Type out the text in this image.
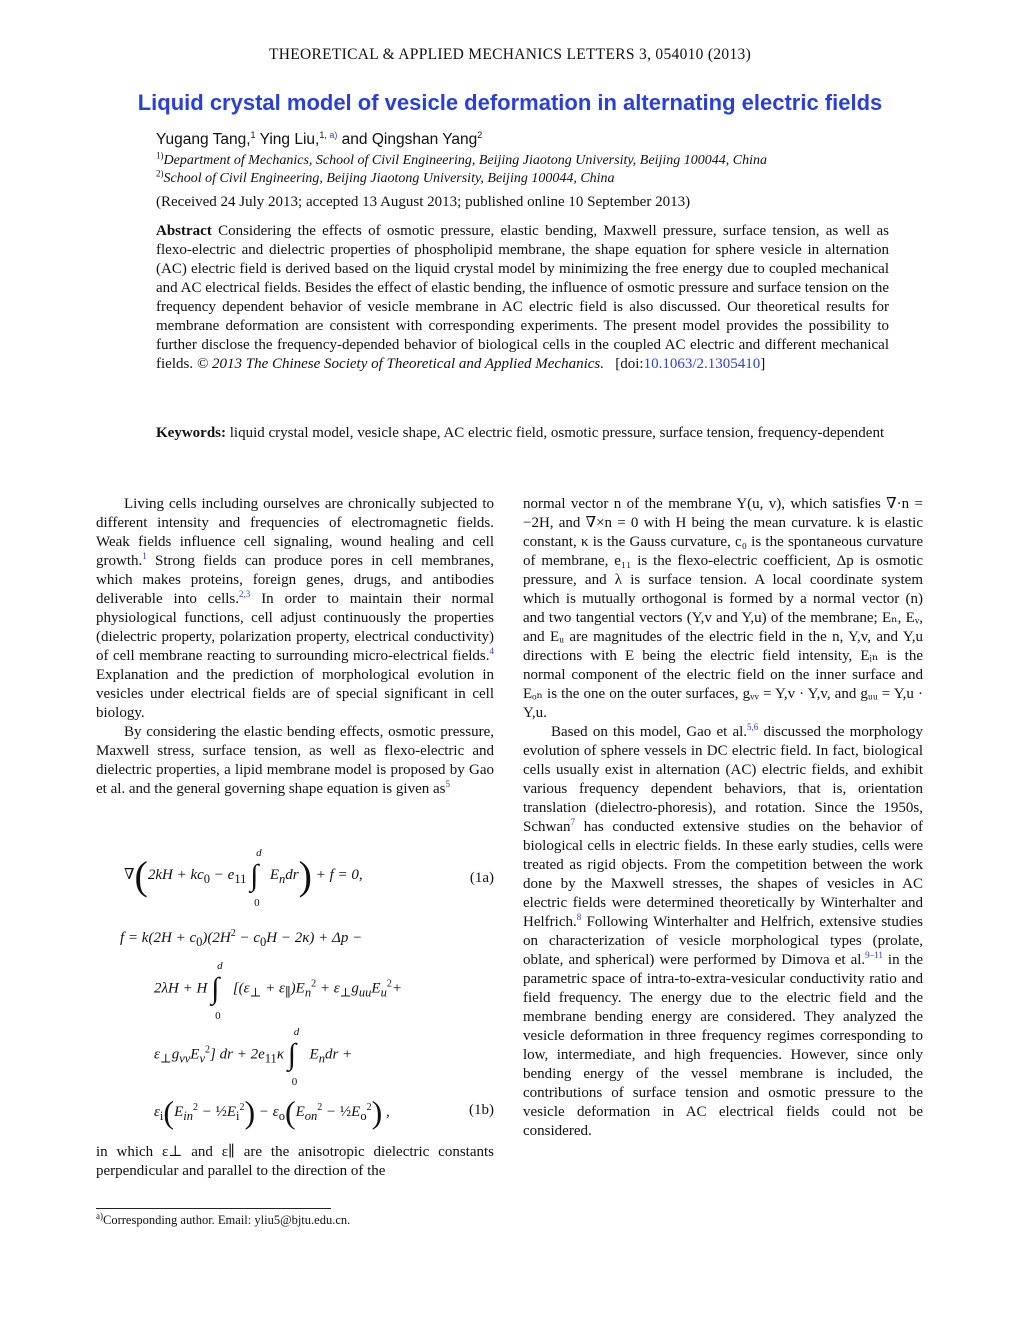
THEORETICAL & APPLIED MECHANICS LETTERS 3, 054010 (2013)
Liquid crystal model of vesicle deformation in alternating electric fields
Yugang Tang,$^1$ Ying Liu,$^{1, a)}$ and Qingshan Yang$^2$
$^{1)}$Department of Mechanics, School of Civil Engineering, Beijing Jiaotong University, Beijing 100044, China
$^{2)}$School of Civil Engineering, Beijing Jiaotong University, Beijing 100044, China
(Received 24 July 2013; accepted 13 August 2013; published online 10 September 2013)
Abstract Considering the effects of osmotic pressure, elastic bending, Maxwell pressure, surface tension, as well as flexo-electric and dielectric properties of phospholipid membrane, the shape equation for sphere vesicle in alternation (AC) electric field is derived based on the liquid crystal model by minimizing the free energy due to coupled mechanical and AC electrical fields. Besides the effect of elastic bending, the influence of osmotic pressure and surface tension on the frequency dependent behavior of vesicle membrane in AC electric field is also discussed. Our theoretical results for membrane deformation are consistent with corresponding experiments. The present model provides the possibility to further disclose the frequency-depended behavior of biological cells in the coupled AC electric and different mechanical fields. © 2013 The Chinese Society of Theoretical and Applied Mechanics. [doi:10.1063/2.1305410]
Keywords: liquid crystal model, vesicle shape, AC electric field, osmotic pressure, surface tension, frequency-dependent

Living cells including ourselves are chronically subjected to different intensity and frequencies of electromagnetic fields. Weak fields influence cell signaling, wound healing and cell growth.$^1$ Strong fields can produce pores in cell membranes, which makes proteins, foreign genes, drugs, and antibodies deliverable into cells.$^{2,3}$ In order to maintain their normal physiological functions, cell adjust continuously the properties (dielectric property, polarization property, electrical conductivity) of cell membrane reacting to surrounding micro-electrical fields.$^4$ Explanation and the prediction of morphological evolution in vesicles under electrical fields are of special significant in cell biology.

By considering the elastic bending effects, osmotic pressure, Maxwell stress, surface tension, as well as flexo-electric and dielectric properties, a lipid membrane model is proposed by Gao et al. and the general governing shape equation is given as$^5$

$\nabla(2kH + kc_0 - e_{11}$ ∫
d
0
$E_ndr) + f = 0$,	(1a)
$f = k(2H + c_0)(2H^2 - c_0H - 2\kappa) + \Delta p$ −
2λH + H ∫
d
0
[$(\varepsilon_\perp + \varepsilon_\parallel)E_n^2 + \varepsilon_\perp g_{uu}E_u^2+$
$\varepsilon_\perp g_{vv}E_v^2$] dr + $2e_{11}\kappa$ ∫
d
0
$E_ndr$ +
$\varepsilon_i(E_{in}^2$ − $\frac{1}{2}E_i^2) - \varepsilon_o(E_{on}^2$ − $\frac{1}{2}E_o^2$) ,	(1b)
in which ε⊥ and ε∥ are the anisotropic dielectric constants perpendicular and parallel to the direction of the
$^{a)}$Corresponding author. Email: yliu5@bjtu.edu.cn.

normal vector n of the membrane Y(u, v), which satisfies ∇·n = −2H, and ∇×n = 0 with H being the mean curvature. k is elastic constant, κ is the Gauss curvature, c₀ is the spontaneous curvature of membrane, e₁₁ is the flexo-electric coefficient, Δp is osmotic pressure, and λ is surface tension. A local coordinate system which is mutually orthogonal is formed by a normal vector (n) and two tangential vectors (Y,v and Y,u) of the membrane; Eₙ, Eᵥ, and Eᵤ are magnitudes of the electric field in the n, Y,v, and Y,u directions with E being the electric field intensity, Eᵢₙ is the normal component of the electric field on the inner surface and Eₒₙ is the one on the outer surfaces, gᵥᵥ = Y,v · Y,v, and gᵤᵤ = Y,u · Y,u.

Based on this model, Gao et al.$^{5,6}$ discussed the morphology evolution of sphere vessels in DC electric field. In fact, biological cells usually exist in alternation (AC) electric fields, and exhibit various frequency dependent behaviors, that is, orientation translation (dielectro-phoresis), and rotation. Since the 1950s, Schwan$^7$ has conducted extensive studies on the behavior of biological cells in electric fields. In these early studies, cells were treated as rigid objects. From the competition between the work done by the Maxwell stresses, the shapes of vesicles in AC electric fields were determined theoretically by Winterhalter and Helfrich.$^8$ Following Winterhalter and Helfrich, extensive studies on characterization of vesicle morphological types (prolate, oblate, and spherical) were performed by Dimova et al.$^{9-11}$ in the parametric space of intra-to-extra-vesicular conductivity ratio and field frequency. The energy due to the electric field and the membrane bending energy are considered. They analyzed the vesicle deformation in three frequency regimes corresponding to low, intermediate, and high frequencies. However, since only bending energy of the vessel membrane is included, the contributions of surface tension and osmotic pressure to the vesicle deformation in AC electrical fields could not be considered.
